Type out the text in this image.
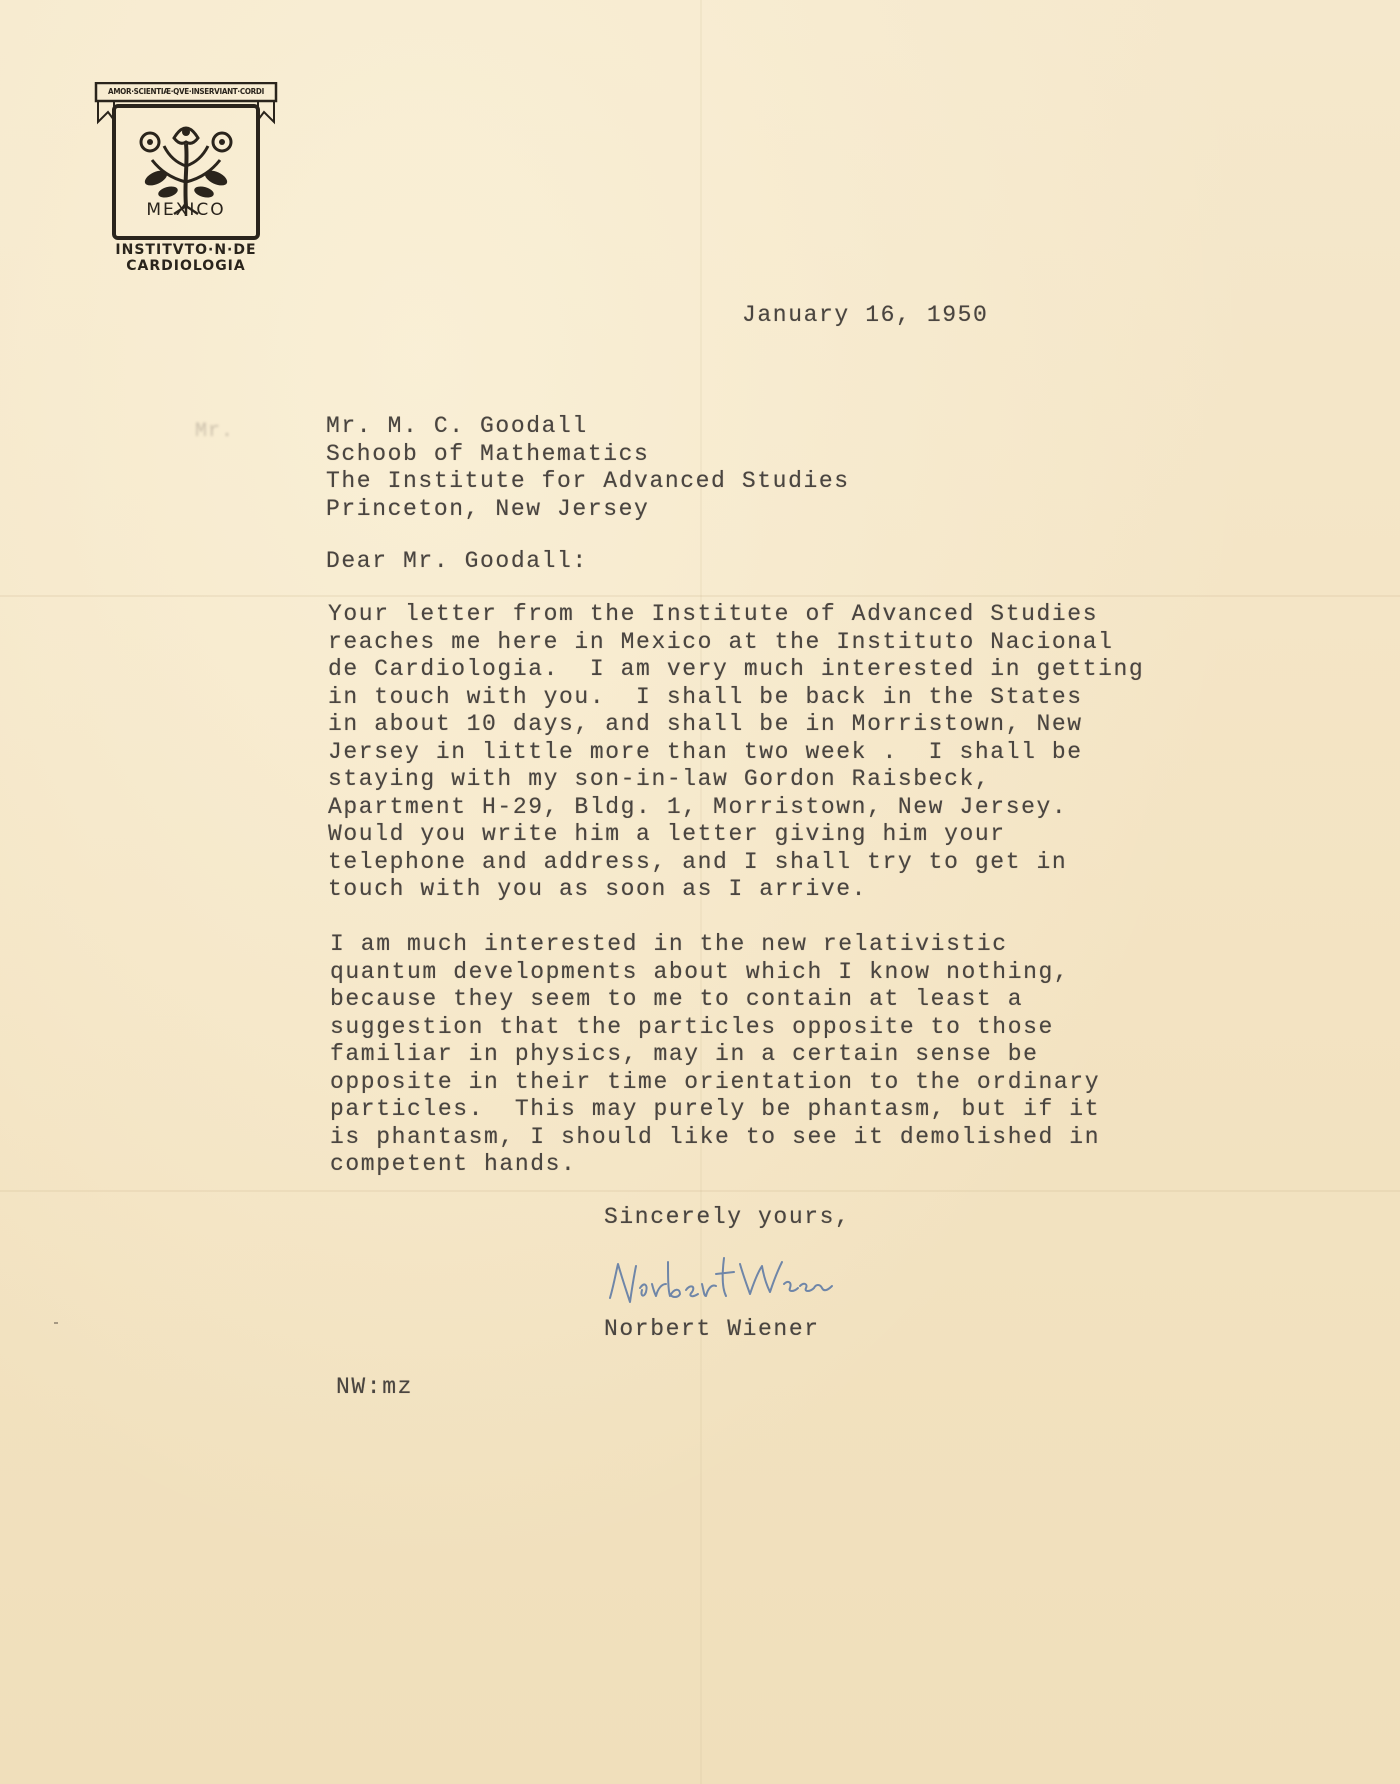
AMOR·SCIENTIÆ·QVE·INSERVIANT·CORDI
MEXICO
INSTITVTO·N·DE
CARDIOLOGIA
January 16, 1950
Mr.	Mr. M. C. Goodall
Schoob of Mathematics
The Institute for Advanced Studies
Princeton, New Jersey
Dear Mr. Goodall:
Your letter from the Institute of Advanced Studies
reaches me here in Mexico at the Instituto Nacional
de Cardiologia.  I am very much interested in getting
in touch with you.  I shall be back in the States
in about 10 days, and shall be in Morristown, New
Jersey in little more than two week .  I shall be
staying with my son-in-law Gordon Raisbeck,
Apartment H-29, Bldg. 1, Morristown, New Jersey.
Would you write him a letter giving him your
telephone and address, and I shall try to get in
touch with you as soon as I arrive.
I am much interested in the new relativistic
quantum developments about which I know nothing,
because they seem to me to contain at least a
suggestion that the particles opposite to those
familiar in physics, may in a certain sense be
opposite in their time orientation to the ordinary
particles.  This may purely be phantasm, but if it
is phantasm, I should like to see it demolished in
competent hands.
Sincerely yours,
Norbert Wiener
NW:mz
